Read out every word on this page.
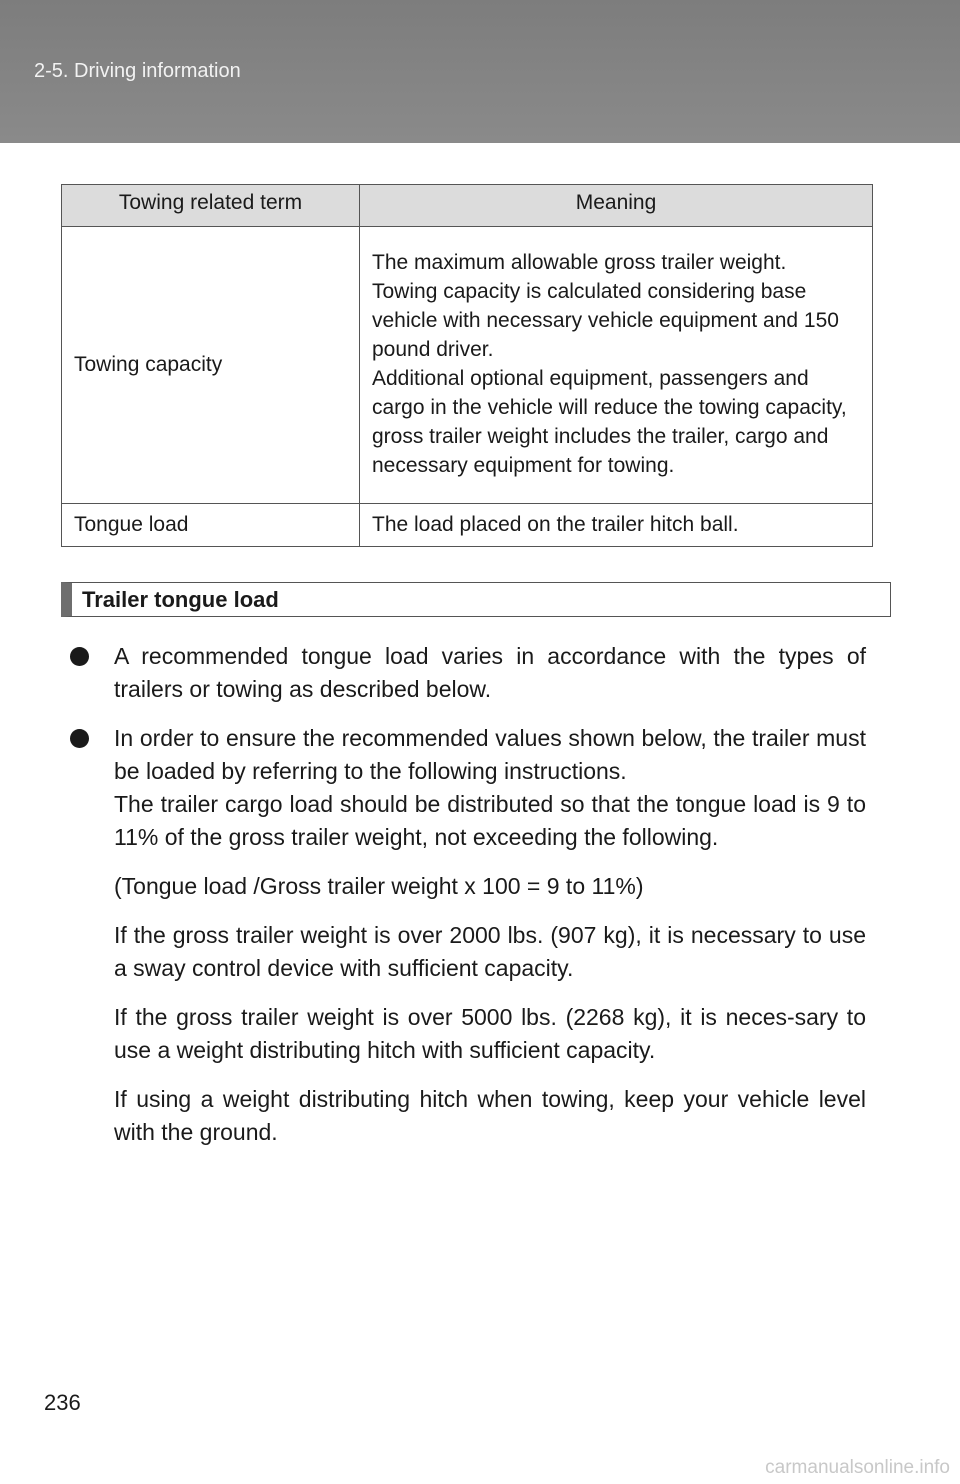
2-5. Driving information
Towing related term	Meaning
Towing capacity	The maximum allowable gross trailer weight.
Towing capacity is calculated considering base vehicle with necessary vehicle equipment and 150 pound driver.
Additional optional equipment, passengers and cargo in the vehicle will reduce the towing capacity, gross trailer weight includes the trailer, cargo and necessary equipment for towing.

Tongue load	The load placed on the trailer hitch ball.
Trailer tongue load
A recommended tongue load varies in accordance with the types of trailers or towing as described below.
In order to ensure the recommended values shown below, the trailer must be loaded by referring to the following instructions.
The trailer cargo load should be distributed so that the tongue load is 9 to 11% of the gross trailer weight, not exceeding the following.
(Tongue load /Gross trailer weight x 100 = 9 to 11%)
If the gross trailer weight is over 2000 lbs. (907 kg), it is necessary to use a sway control device with sufficient capacity.
If the gross trailer weight is over 5000 lbs. (2268 kg), it is neces-sary to use a weight distributing hitch with sufficient capacity.
If using a weight distributing hitch when towing, keep your vehicle level with the ground.
236
carmanualsonline.info
